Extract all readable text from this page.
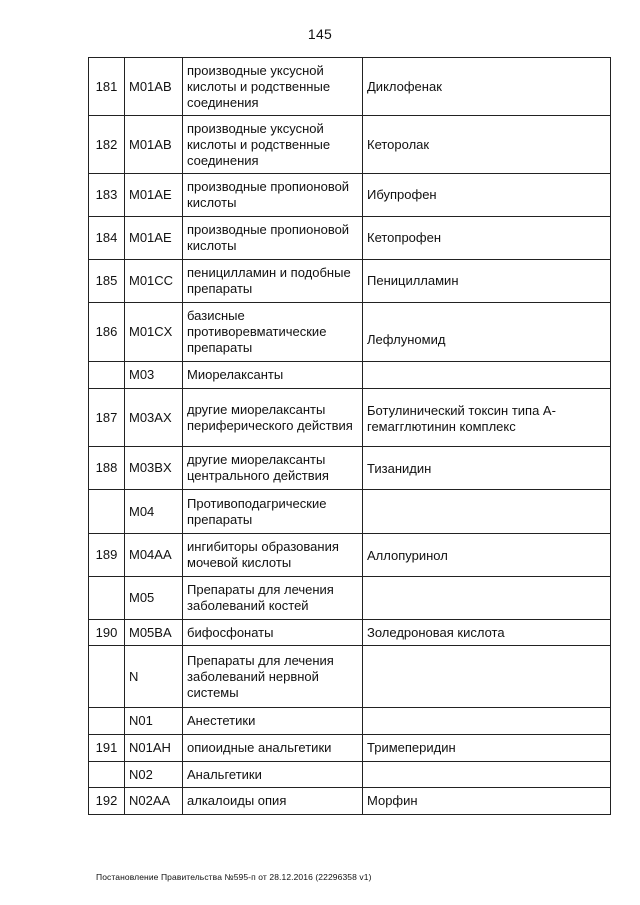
145
181	M01AB	производные уксусной кислоты и родственные соединения	Диклофенак
182	M01AB	производные уксусной кислоты и родственные соединения	Кеторолак
183	M01AE	производные пропионовой кислоты	Ибупрофен
184	M01AE	производные пропионовой кислоты	Кетопрофен
185	M01CC	пеницилламин и подобные препараты	Пеницилламин
186	M01CX	базисные противоревматические препараты	Лефлуномид
	M03	Миорелаксанты	
187	M03AX	другие миорелаксанты периферического действия	Ботулинический токсин типа А-гемагглютинин комплекс
188	M03BX	другие миорелаксанты центрального действия	Тизанидин
	M04	Противоподагрические препараты	
189	M04AA	ингибиторы образования мочевой кислоты	Аллопуринол
	M05	Препараты для лечения заболеваний костей	
190	M05BA	бифосфонаты	Золедроновая кислота
	N	Препараты для лечения заболеваний нервной системы	
	N01	Анестетики	
191	N01AH	опиоидные анальгетики	Тримеперидин
	N02	Анальгетики	
192	N02AA	алкалоиды опия	Морфин
Постановление Правительства №595-п от 28.12.2016 (22296358 v1)
